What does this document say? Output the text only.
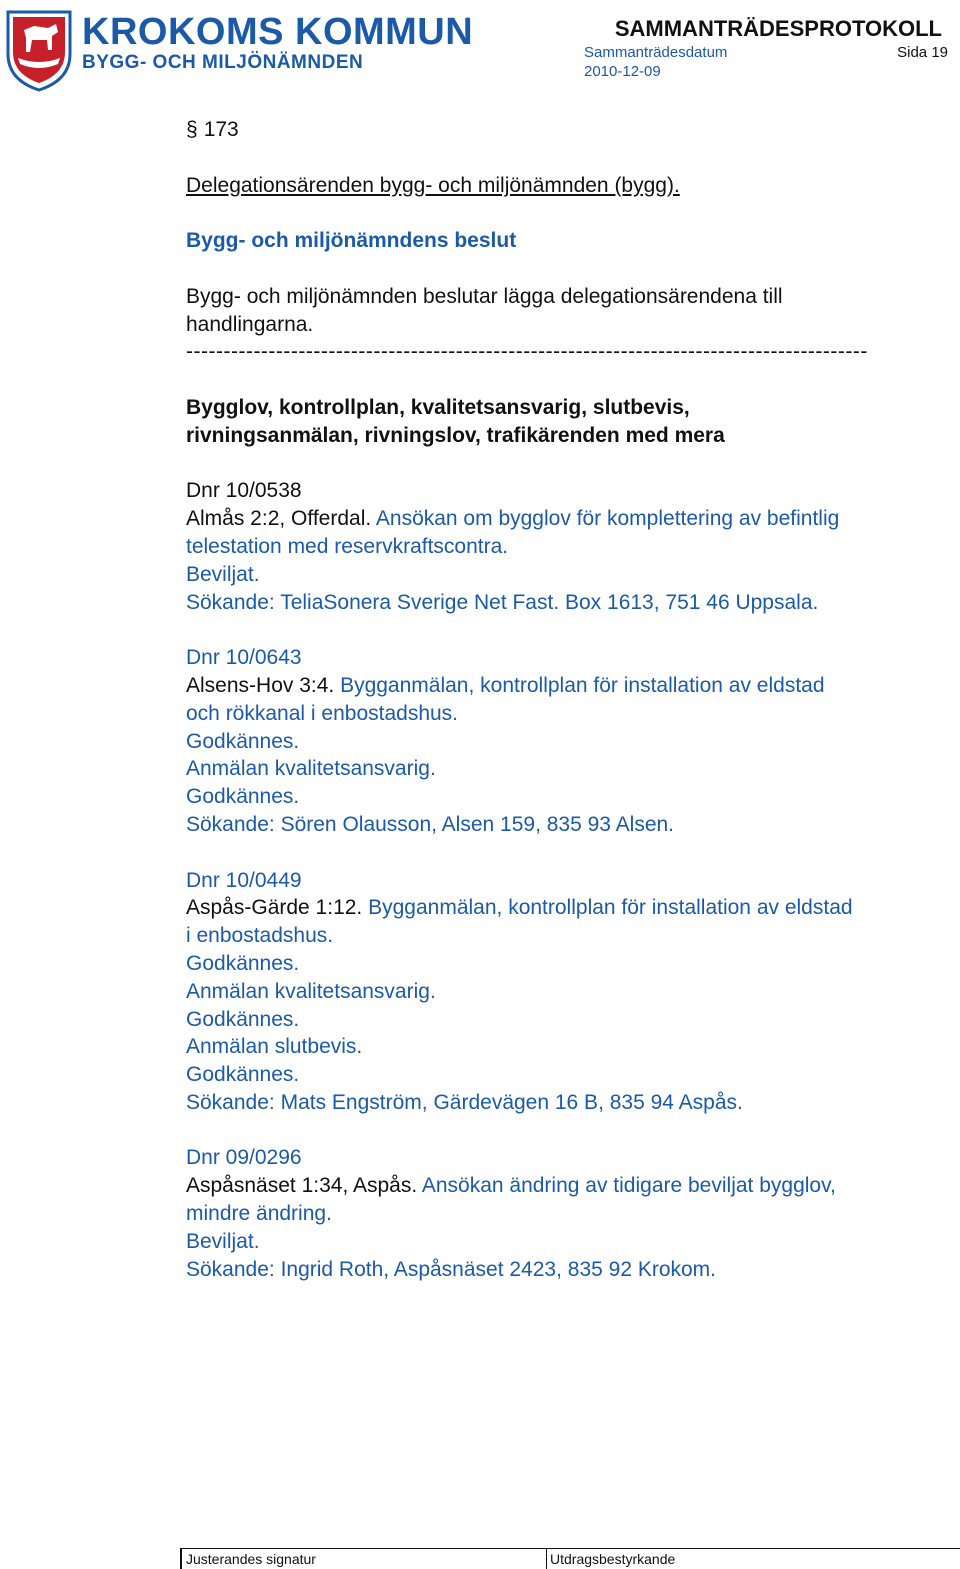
KROKOMS KOMMUN
BYGG- OCH MILJÖNÄMNDEN
SAMMANTRÄDESPROTOKOLL
Sammanträdesdatum	Sida 19
2010-12-09

§ 173

Delegationsärenden bygg- och miljönämnden (bygg).

Bygg- och miljönämndens beslut

Bygg- och miljönämnden beslutar lägga delegationsärendena till

handlingarna.

-------------------------------------------------------------------------------------------

Bygglov, kontrollplan, kvalitetsansvarig, slutbevis,

rivningsanmälan, rivningslov, trafikärenden med mera

Dnr 10/0538

Almås 2:2, Offerdal. Ansökan om bygglov för komplettering av befintlig

telestation med reservkraftscontra.

Beviljat.

Sökande: TeliaSonera Sverige Net Fast. Box 1613, 751 46 Uppsala.

Dnr 10/0643

Alsens-Hov 3:4. Bygganmälan, kontrollplan för installation av eldstad

och rökkanal i enbostadshus.

Godkännes.

Anmälan kvalitetsansvarig.

Godkännes.

Sökande: Sören Olausson, Alsen 159, 835 93 Alsen.

Dnr 10/0449

Aspås-Gärde 1:12. Bygganmälan, kontrollplan för installation av eldstad

i enbostadshus.

Godkännes.

Anmälan kvalitetsansvarig.

Godkännes.

Anmälan slutbevis.

Godkännes.

Sökande: Mats Engström, Gärdevägen 16 B, 835 94 Aspås.

Dnr 09/0296

Aspåsnäset 1:34, Aspås. Ansökan ändring av tidigare beviljat bygglov,

mindre ändring.

Beviljat.

Sökande: Ingrid Roth, Aspåsnäset 2423, 835 92 Krokom.

Justerandes signatur	Utdragsbestyrkande
